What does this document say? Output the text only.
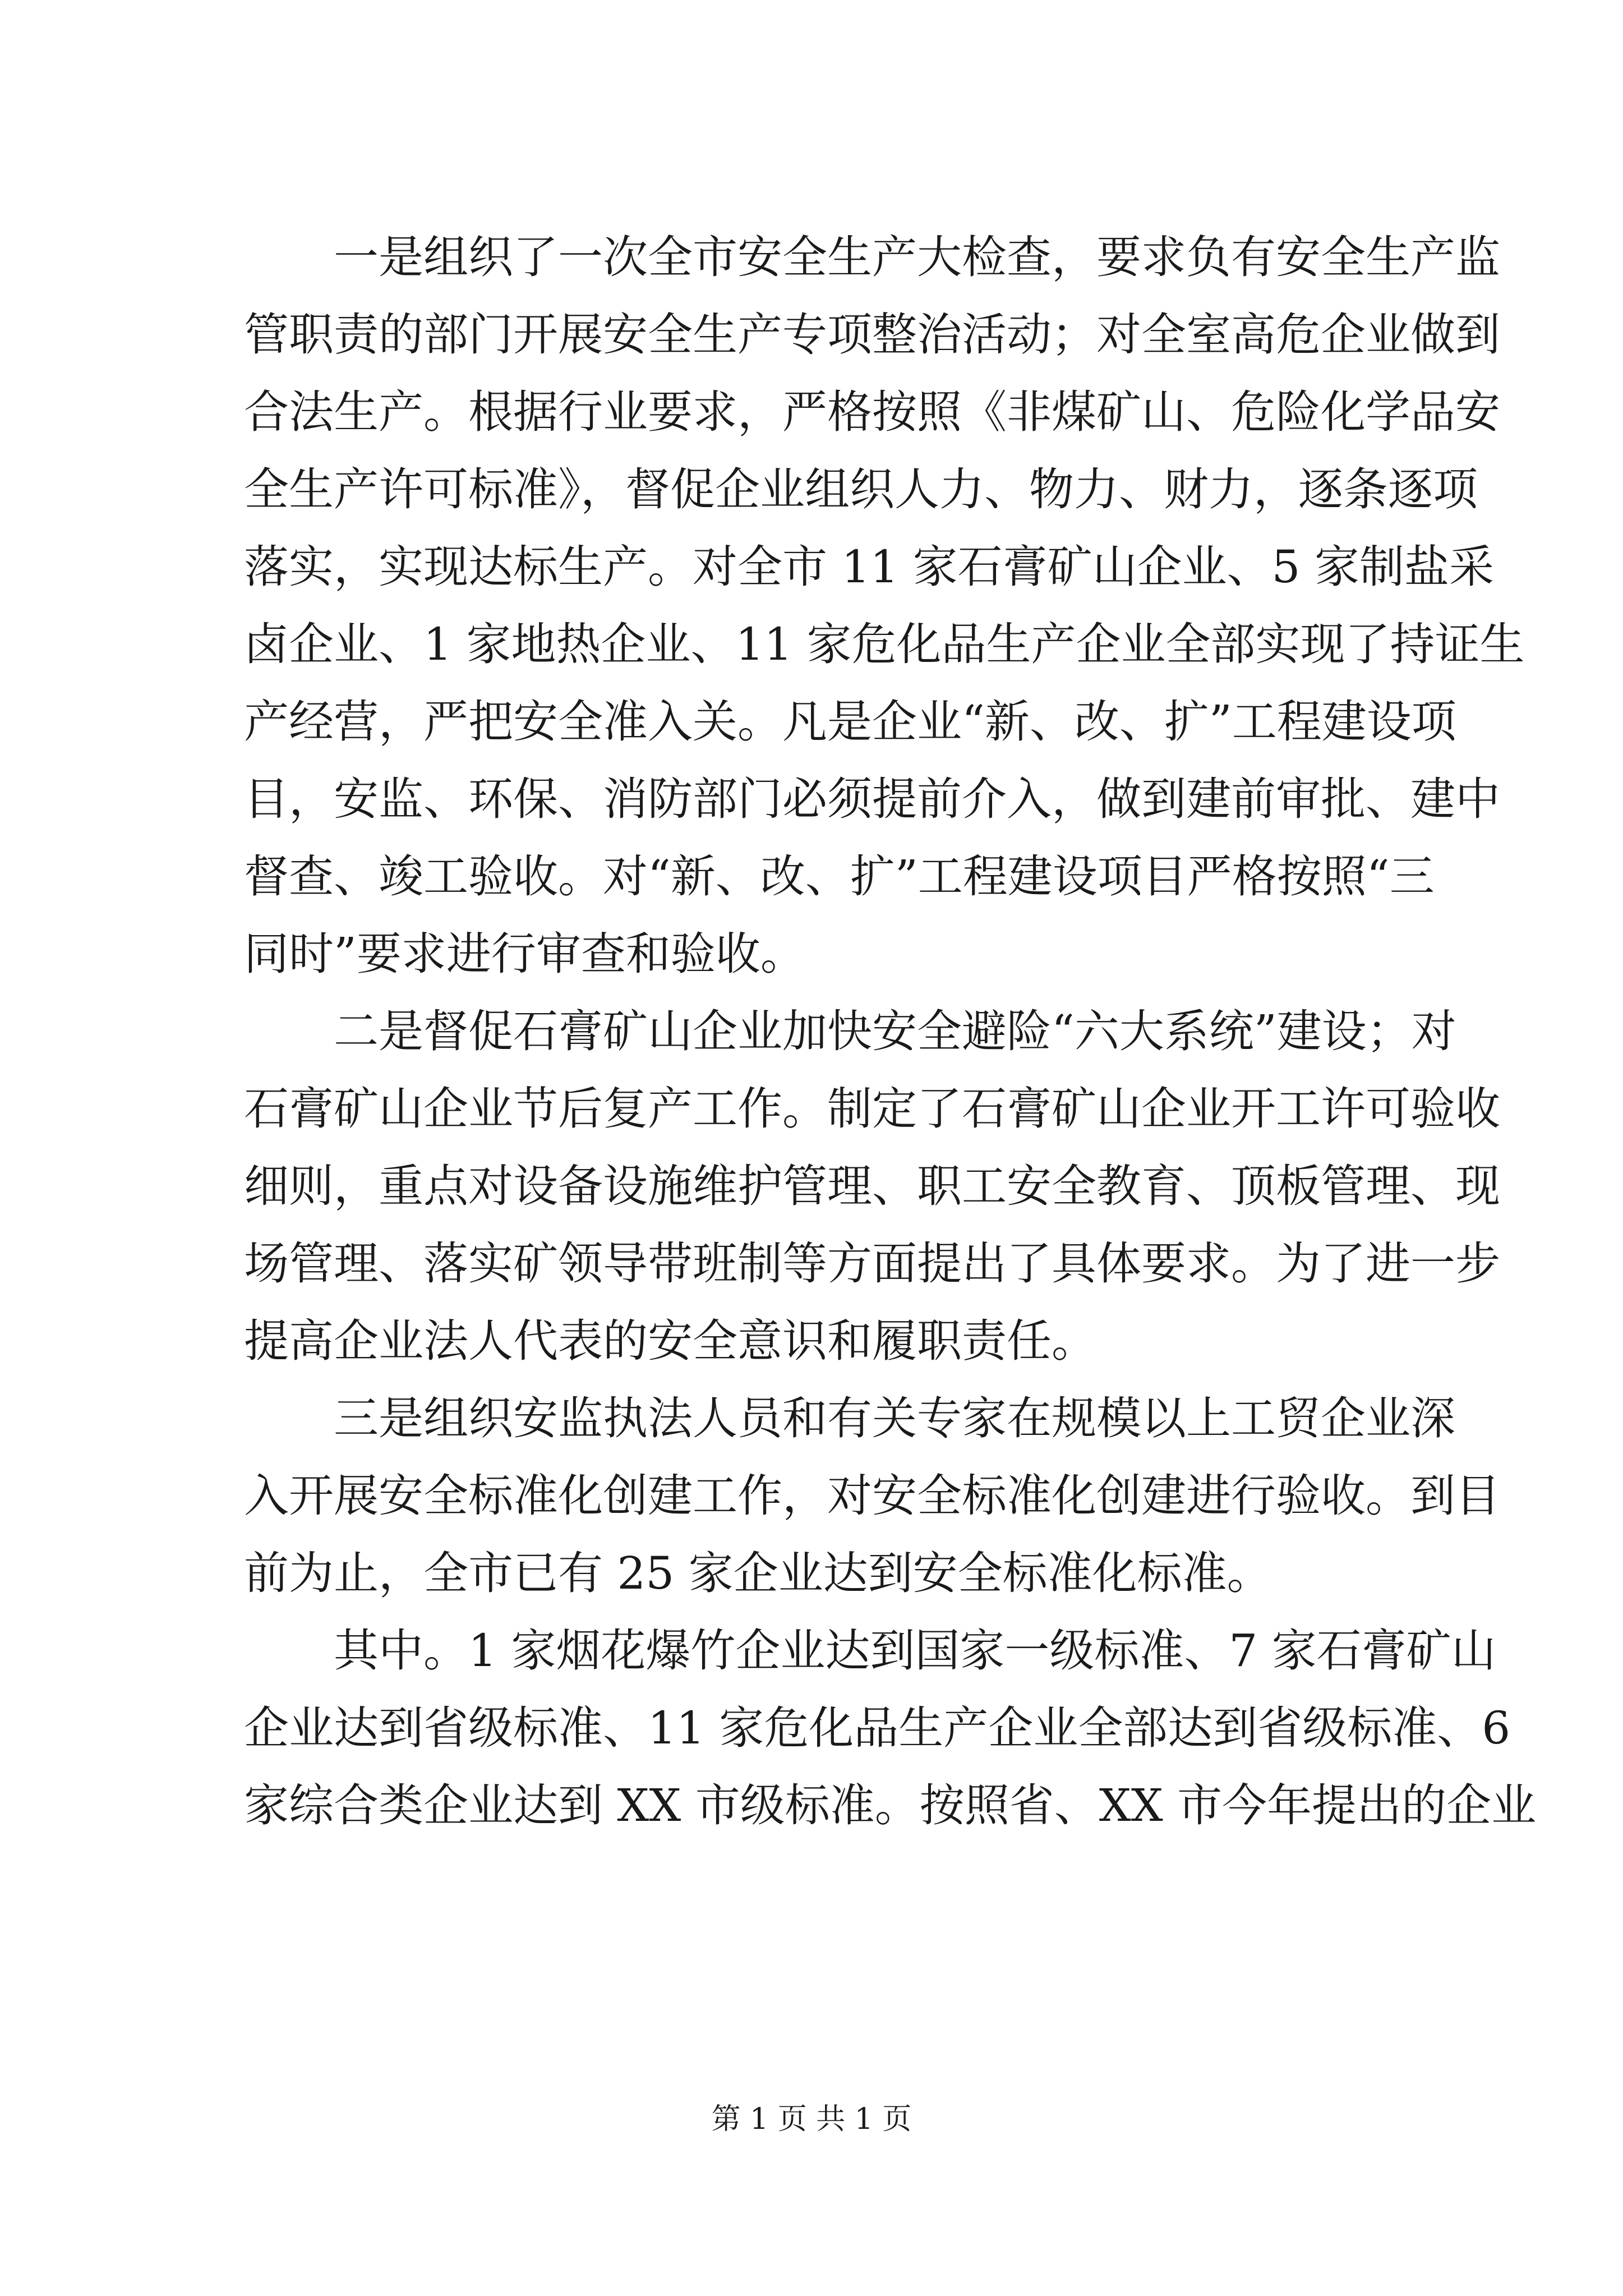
一是组织了一次全市安全生产大检查，要求负有安全生产监
管职责的部门开展安全生产专项整治活动；对全室高危企业做到
合法生产。根据行业要求，严格按照《非煤矿山、危险化学品安
全生产许可标准》，督促企业组织人力、物力、财力，逐条逐项
落实，实现达标生产。对全市 11 家石膏矿山企业、5 家制盐采
卤企业、1 家地热企业、11 家危化品生产企业全部实现了持证生
产经营，严把安全准入关。凡是企业“新、改、扩”工程建设项
目，安监、环保、消防部门必须提前介入，做到建前审批、建中
督查、竣工验收。对“新、改、扩”工程建设项目严格按照“三
同时”要求进行审查和验收。
二是督促石膏矿山企业加快安全避险“六大系统”建设；对
石膏矿山企业节后复产工作。制定了石膏矿山企业开工许可验收
细则，重点对设备设施维护管理、职工安全教育、顶板管理、现
场管理、落实矿领导带班制等方面提出了具体要求。为了进一步
提高企业法人代表的安全意识和履职责任。
三是组织安监执法人员和有关专家在规模以上工贸企业深
入开展安全标准化创建工作，对安全标准化创建进行验收。到目
前为止，全市已有 25 家企业达到安全标准化标准。
其中。1 家烟花爆竹企业达到国家一级标准、7 家石膏矿山
企业达到省级标准、11 家危化品生产企业全部达到省级标准、6
家综合类企业达到 XX 市级标准。按照省、XX 市今年提出的企业
第 1 页 共 1 页
